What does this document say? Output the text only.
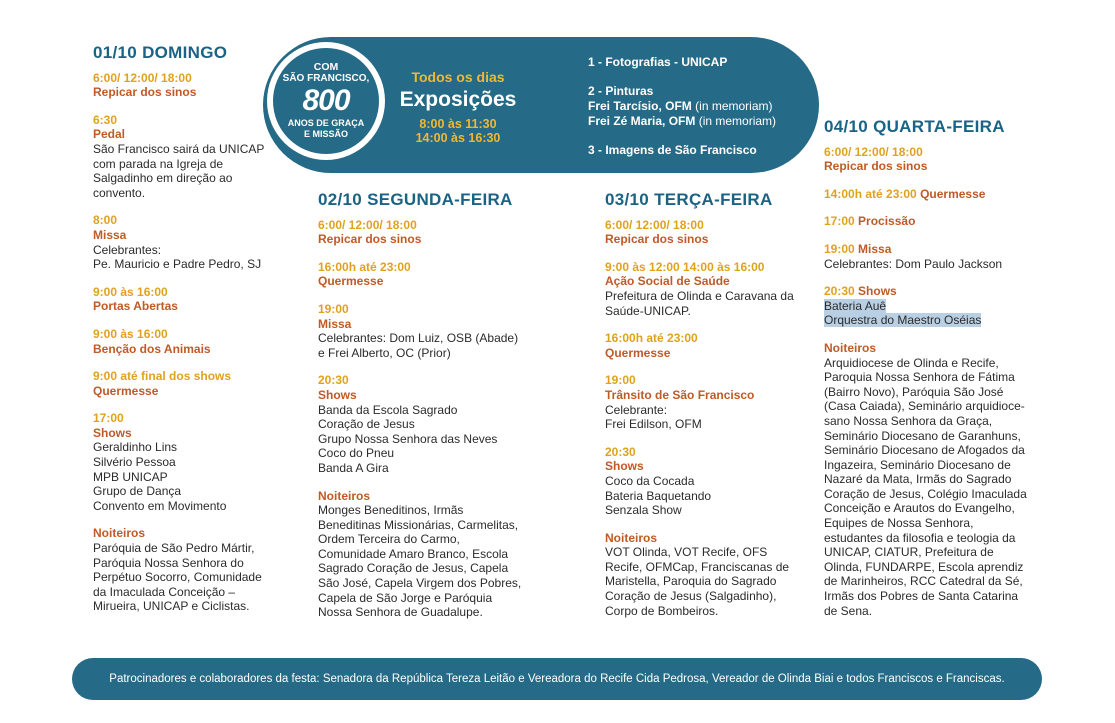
01/10 DOMINGO
6:00/ 12:00/ 18:00
Repicar dos sinos
6:30
Pedal
São Francisco sairá da UNICAP
com parada na Igreja de
Salgadinho em direção ao
convento.
8:00
Missa
Celebrantes:
Pe. Mauricio e Padre Pedro, SJ
9:00 às 16:00
Portas Abertas
9:00 às 16:00
Benção dos Animais
9:00 até final dos shows
Quermesse
17:00
Shows
Geraldinho Lins
Silvério Pessoa
MPB UNICAP
Grupo de Dança
Convento em Movimento
Noiteiros
Paróquia de São Pedro Mártir,
Paróquia Nossa Senhora do
Perpétuo Socorro, Comunidade
da Imaculada Conceição –
Mirueira, UNICAP e Ciclistas.
COM
SÃO FRANCISCO,
800
ANOS DE GRAÇA
E MISSÃO
Todos os dias
Exposições
8:00 às 11:30
14:00 às 16:30
1 - Fotografias - UNICAP
2 - Pinturas
Frei Tarcísio, OFM (in memoriam)
Frei Zé Maria, OFM (in memoriam)
3 - Imagens de São Francisco
02/10 SEGUNDA-FEIRA
6:00/ 12:00/ 18:00
Repicar dos sinos
16:00h até 23:00
Quermesse
19:00
Missa
Celebrantes: Dom Luiz, OSB (Abade)
e Frei Alberto, OC (Prior)
20:30
Shows
Banda da Escola Sagrado
Coração de Jesus
Grupo Nossa Senhora das Neves
Coco do Pneu
Banda A Gira
Noiteiros
Monges Beneditinos, Irmãs
Beneditinas Missionárias, Carmelitas,
Ordem Terceira do Carmo,
Comunidade Amaro Branco, Escola
Sagrado Coração de Jesus, Capela
São José, Capela Virgem dos Pobres,
Capela de São Jorge e Paróquia
Nossa Senhora de Guadalupe.
03/10 TERÇA-FEIRA
6:00/ 12:00/ 18:00
Repicar dos sinos
9:00 às 12:00 14:00 às 16:00
Ação Social de Saúde
Prefeitura de Olinda e Caravana da
Saúde-UNICAP.
16:00h até 23:00
Quermesse
19:00
Trânsito de São Francisco
Celebrante:
Frei Edilson, OFM
20:30
Shows
Coco da Cocada
Bateria Baquetando
Senzala Show
Noiteiros
VOT Olinda, VOT Recife, OFS
Recife, OFMCap, Franciscanas de
Maristella, Paroquia do Sagrado
Coração de Jesus (Salgadinho),
Corpo de Bombeiros.
04/10 QUARTA-FEIRA
6:00/ 12:00/ 18:00
Repicar dos sinos
14:00h até 23:00 Quermesse
17:00 Procissão
19:00 Missa
Celebrantes: Dom Paulo Jackson
20:30 Shows
Bateria Auê
Orquestra do Maestro Oséias
Noiteiros
Arquidiocese de Olinda e Recife,
Paroquia Nossa Senhora de Fátima
(Bairro Novo), Paróquia São José
(Casa Caiada), Seminário arquidioce-
sano Nossa Senhora da Graça,
Seminário Diocesano de Garanhuns,
Seminário Diocesano de Afogados da
Ingazeira, Seminário Diocesano de
Nazaré da Mata, Irmãs do Sagrado
Coração de Jesus, Colégio Imaculada
Conceição e Arautos do Evangelho,
Equipes de Nossa Senhora,
estudantes da filosofia e teologia da
UNICAP, CIATUR, Prefeitura de
Olinda, FUNDARPE, Escola aprendiz
de Marinheiros, RCC Catedral da Sé,
Irmãs dos Pobres de Santa Catarina
de Sena.
Patrocinadores e colaboradores da festa: Senadora da República Tereza Leitão e Vereadora do Recife Cida Pedrosa, Vereador de Olinda Biai e todos Franciscos e Franciscas.
